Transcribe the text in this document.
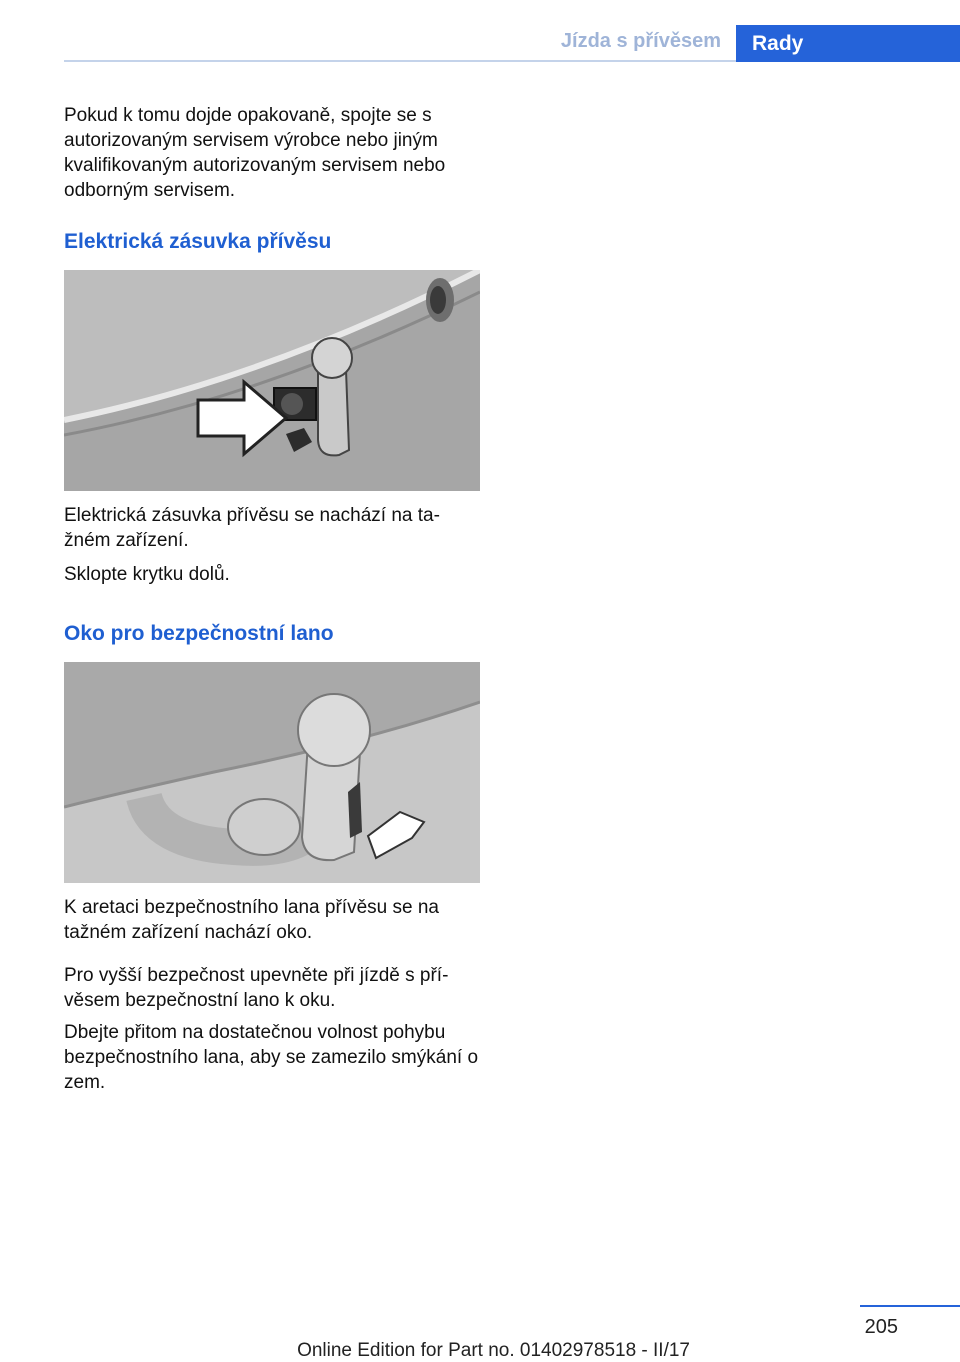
Jízda s přívěsem	Rady

Pokud k tomu dojde opakovaně, spojte se s autorizovaným servisem výrobce nebo jiným kvalifikovaným autorizovaným servisem nebo odborným servisem.

Elektrická zásuvka přívěsu

Elektrická zásuvka přívěsu se nachází na ta‐žném zařízení.

Sklopte krytku dolů.

Oko pro bezpečnostní lano

K aretaci bezpečnostního lana přívěsu se na tažném zařízení nachází oko.

Pro vyšší bezpečnost upevněte při jízdě s pří‐věsem bezpečnostní lano k oku.

Dbejte přitom na dostatečnou volnost pohybu bezpečnostního lana, aby se zamezilo smýkání o zem.

205
Online Edition for Part no. 01402978518 - II/17
